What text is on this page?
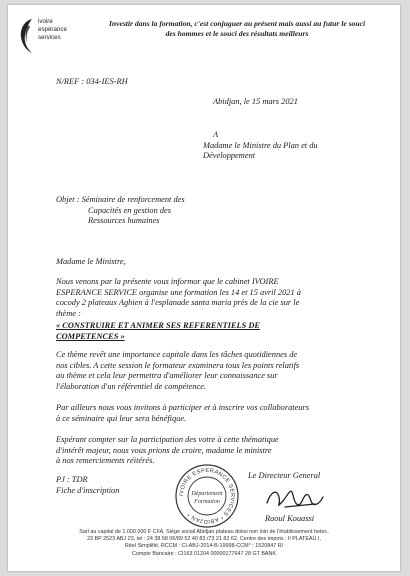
ivoire
espérance
services
Investir dans la formation, c'est conjuguer au présent mais aussi au futur le souci
des hommes et le souci des résultats meilleurs
N/REF : 034-IES-RH
Abidjan, le 15 mars 2021
A
Madame le Ministre du Plan et du
Développement
Objet : Séminaire de renforcement des
Capacités en gestion des
Ressources humaines
Madame le Ministre,
Nous venons par la présente vous informor que le cabinet IVOIRE
ESPERANCE SERVICE organise une formation les 14 et 15 avril 2021 à
cocody 2 plateaux Aghien à l'esplanade santa maria près de la cie sur le
thème :
« CONSTRUIRE ET ANIMER SES REFERENTIELS DE
COMPETENCES »
Ce thème revêt une importance capitale dans les tâches quotidiennes de
nos cibles. A cette session le formateur examinera tous les points relatifs
au thème et cela leur permettra d'améliorer leur connaissance sur
l'élaboration d'un référentiel de compétence.
Par ailleurs nous vous invitons à participer et à inscrire vos collaborateurs
à ce séminaire qui leur sera bénéfique.
Espérant compter sur la participation des votre à cette thématique
d'intérêt majeur, nous vous prions de croire, madame le ministre
à nos remerciements réitérés.
PJ : TDR
Fiche d'inscription
Le Directeur General
IVOIRE ESPERANCE SERVICES * ABIDJAN *
Département
Formation
Raoul Kouassi
Sarl au capital de 1.000.000 F CFA, Siège social Abidjan plateau doksi non loin de l'établissement hetec,
23 BP 2523 ABJ 23, tel : 24 38 58 06/89 52 40 83 /73 21 82 62, Centre des impots : Il PLATEAU I,
Réel Simplifié, RCCM : CI-ABJ-2014-B-19998-CCM° : 1520847 R/
Compte Bancaire : CI163 01204 00000177647 28 GT BANK
